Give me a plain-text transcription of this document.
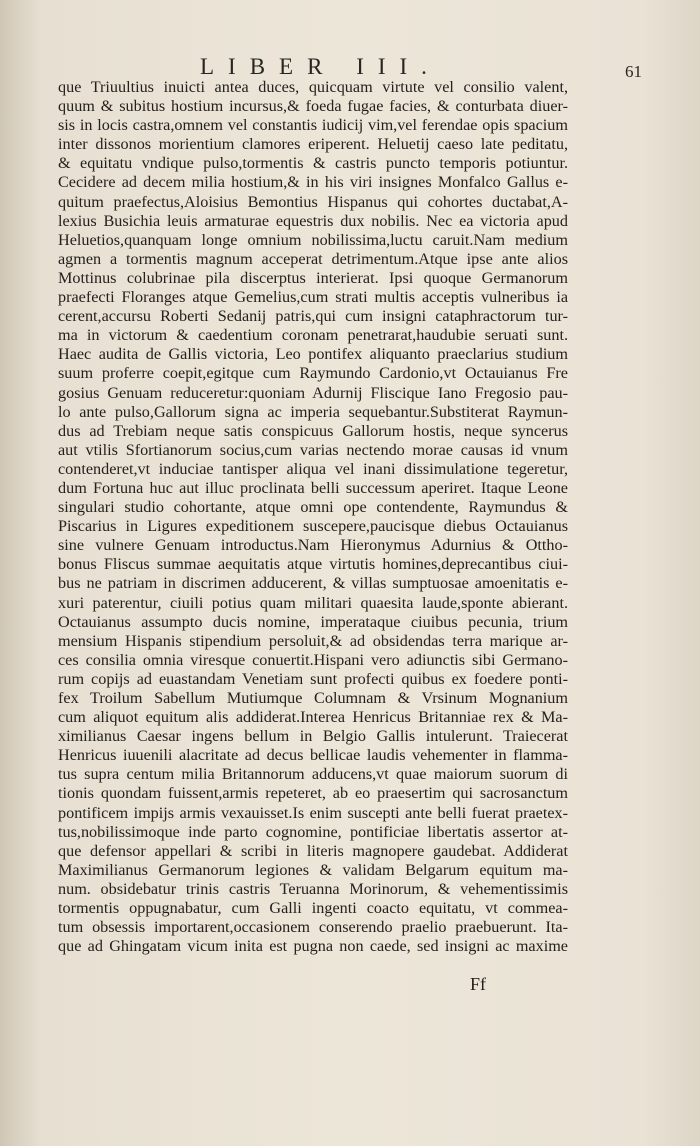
LIBER III.	61
que Triuultius inuicti antea duces, quicquam virtute vel consilio valent,
quum & subitus hostium incursus,& foeda fugae facies, & conturbata diuer-
sis in locis castra,omnem vel constantis iudicij vim,vel ferendae opis spacium
inter dissonos morientium clamores eriperent. Heluetij caeso late peditatu,
& equitatu vndique pulso,tormentis & castris puncto temporis potiuntur.
Cecidere ad decem milia hostium,& in his viri insignes Monfalco Gallus e-
quitum praefectus,Aloisius Bemontius Hispanus qui cohortes ductabat,A-
lexius Busichia leuis armaturae equestris dux nobilis. Nec ea victoria apud
Heluetios,quanquam longe omnium nobilissima,luctu caruit.Nam medium
agmen a tormentis magnum acceperat detrimentum.Atque ipse ante alios
Mottinus colubrinae pila discerptus interierat. Ipsi quoque Germanorum
praefecti Floranges atque Gemelius,cum strati multis acceptis vulneribus ia
cerent,accursu Roberti Sedanij patris,qui cum insigni cataphractorum tur-
ma in victorum & caedentium coronam penetrarat,haudubie seruati sunt.
Haec audita de Gallis victoria, Leo pontifex aliquanto praeclarius studium
suum proferre coepit,egitque cum Raymundo Cardonio,vt Octauianus Fre
gosius Genuam reduceretur:quoniam Adurnij Fliscique Iano Fregosio pau-
lo ante pulso,Gallorum signa ac imperia sequebantur.Substiterat Raymun-
dus ad Trebiam neque satis conspicuus Gallorum hostis, neque syncerus
aut vtilis Sfortianorum socius,cum varias nectendo morae causas id vnum
contenderet,vt induciae tantisper aliqua vel inani dissimulatione tegeretur,
dum Fortuna huc aut illuc proclinata belli successum aperiret. Itaque Leone
singulari studio cohortante, atque omni ope contendente, Raymundus &
Piscarius in Ligures expeditionem suscepere,paucisque diebus Octauianus
sine vulnere Genuam introductus.Nam Hieronymus Adurnius & Ottho-
bonus Fliscus summae aequitatis atque virtutis homines,deprecantibus ciui-
bus ne patriam in discrimen adducerent, & villas sumptuosae amoenitatis e-
xuri paterentur, ciuili potius quam militari quaesita laude,sponte abierant.
Octauianus assumpto ducis nomine, imperataque ciuibus pecunia, trium
mensium Hispanis stipendium persoluit,& ad obsidendas terra marique ar-
ces consilia omnia viresque conuertit.Hispani vero adiunctis sibi Germano-
rum copijs ad euastandam Venetiam sunt profecti quibus ex foedere ponti-
fex Troilum Sabellum Mutiumque Columnam & Vrsinum Mognanium
cum aliquot equitum alis addiderat.Interea Henricus Britanniae rex & Ma-
ximilianus Caesar ingens bellum in Belgio Gallis intulerunt. Traiecerat
Henricus iuuenili alacritate ad decus bellicae laudis vehementer in flamma-
tus supra centum milia Britannorum adducens,vt quae maiorum suorum di
tionis quondam fuissent,armis repeteret, ab eo praesertim qui sacrosanctum
pontificem impijs armis vexauisset.Is enim suscepti ante belli fuerat praetex-
tus,nobilissimoque inde parto cognomine, pontificiae libertatis assertor at-
que defensor appellari & scribi in literis magnopere gaudebat. Addiderat
Maximilianus Germanorum legiones & validam Belgarum equitum ma-
num. obsidebatur trinis castris Teruanna Morinorum, & vehementissimis
tormentis oppugnabatur, cum Galli ingenti coacto equitatu, vt commea-
tum obsessis importarent,occasionem conserendo praelio praebuerunt. Ita-
que ad Ghingatam vicum inita est pugna non caede, sed insigni ac maxime
Ff
